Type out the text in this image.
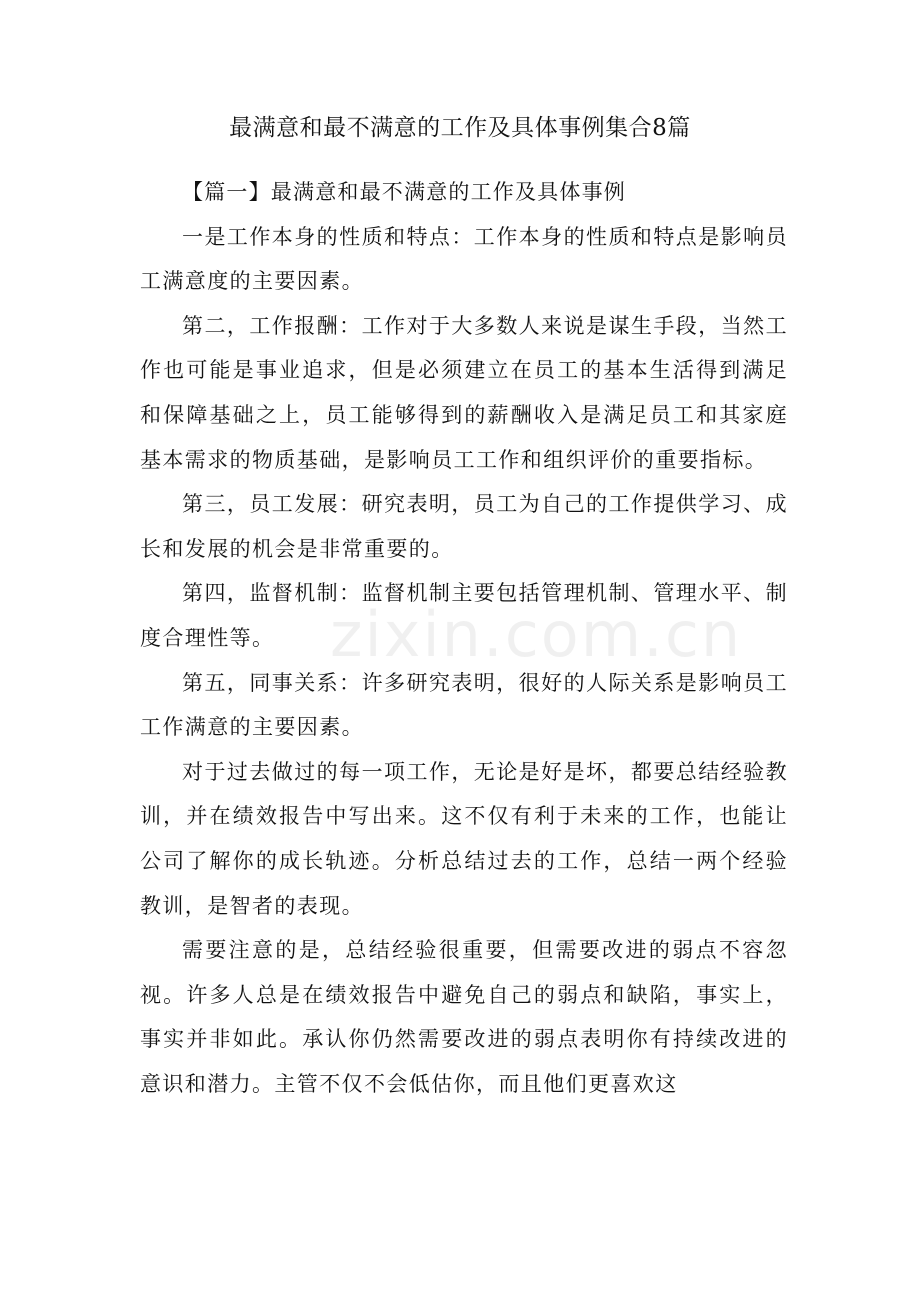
最满意和最不满意的工作及具体事例集合8篇
zixin.com.cn

【篇一】最满意和最不满意的工作及具体事例

一是工作本身的性质和特点：工作本身的性质和特点是影响员工满意度的主要因素。

第二，工作报酬：工作对于大多数人来说是谋生手段，当然工作也可能是事业追求，但是必须建立在员工的基本生活得到满足和保障基础之上，员工能够得到的薪酬收入是满足员工和其家庭基本需求的物质基础，是影响员工工作和组织评价的重要指标。

第三，员工发展：研究表明，员工为自己的工作提供学习、成长和发展的机会是非常重要的。

第四，监督机制：监督机制主要包括管理机制、管理水平、制度合理性等。

第五，同事关系：许多研究表明，很好的人际关系是影响员工工作满意的主要因素。

对于过去做过的每一项工作，无论是好是坏，都要总结经验教训，并在绩效报告中写出来。这不仅有利于未来的工作，也能让公司了解你的成长轨迹。分析总结过去的工作，总结一两个经验教训，是智者的表现。

需要注意的是，总结经验很重要，但需要改进的弱点不容忽视。许多人总是在绩效报告中避免自己的弱点和缺陷，事实上，事实并非如此。承认你仍然需要改进的弱点表明你有持续改进的意识和潜力。主管不仅不会低估你，而且他们更喜欢这
